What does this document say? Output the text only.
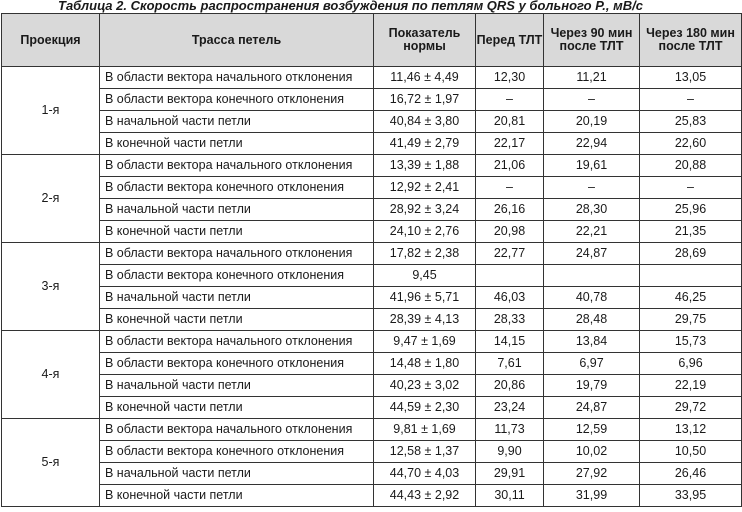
Таблица 2. Скорость распространения возбуждения по петлям QRS у больного Р., мВ/с
Проекция	Трасса петель	Показатель нормы	Перед ТЛТ	Через 90 мин после ТЛТ	Через 180 мин после ТЛТ
1-я	В области вектора начального отклонения	11,46 ± 4,49	12,30	11,21	13,05
	В области вектора конечного отклонения	16,72 ± 1,97	–	–	–
	В начальной части петли	40,84 ± 3,80	20,81	20,19	25,83
	В конечной части петли	41,49 ± 2,79	22,17	22,94	22,60
2-я	В области вектора начального отклонения	13,39 ± 1,88	21,06	19,61	20,88
	В области вектора конечного отклонения	12,92 ± 2,41	–	–	–
	В начальной части петли	28,92 ± 3,24	26,16	28,30	25,96
	В конечной части петли	24,10 ± 2,76	20,98	22,21	21,35
3-я	В области вектора начального отклонения	17,82 ± 2,38	22,77	24,87	28,69
	В области вектора конечного отклонения	9,45			
	В начальной части петли	41,96 ± 5,71	46,03	40,78	46,25
	В конечной части петли	28,39 ± 4,13	28,33	28,48	29,75
4-я	В области вектора начального отклонения	9,47 ± 1,69	14,15	13,84	15,73
	В области вектора конечного отклонения	14,48 ± 1,80	7,61	6,97	6,96
	В начальной части петли	40,23 ± 3,02	20,86	19,79	22,19
	В конечной части петли	44,59 ± 2,30	23,24	24,87	29,72
5-я	В области вектора начального отклонения	9,81 ± 1,69	11,73	12,59	13,12
	В области вектора конечного отклонения	12,58 ± 1,37	9,90	10,02	10,50
	В начальной части петли	44,70 ± 4,03	29,91	27,92	26,46
	В конечной части петли	44,43 ± 2,92	30,11	31,99	33,95
